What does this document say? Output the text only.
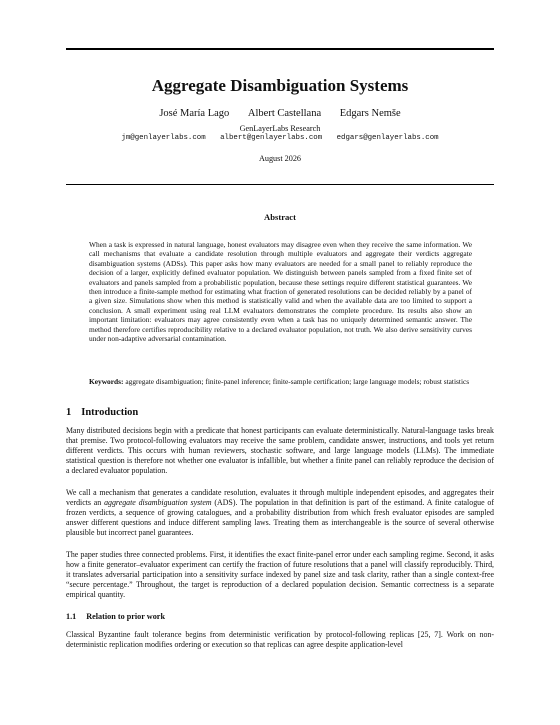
Aggregate Disambiguation Systems
José María Lago Albert Castellana Edgars Nemše
GenLayerLabs Research
jm@genlayerlabs.com albert@genlayerlabs.com edgars@genlayerlabs.com
August 2026
Abstract
When a task is expressed in natural language, honest evaluators may disagree even when they receive the same information. We call mechanisms that evaluate a candidate resolution through multiple evaluators and aggregate their verdicts aggregate disambiguation systems (ADSs). This paper asks how many evaluators are needed for a small panel to reliably reproduce the decision of a larger, explicitly defined evaluator population. We distinguish between panels sampled from a fixed finite set of evaluators and panels sampled from a probabilistic population, because these settings require different statistical guarantees. We then introduce a finite-sample method for estimating what fraction of generated resolutions can be decided reliably by a panel of a given size. Simulations show when this method is statistically valid and when the available data are too limited to support a conclusion. A small experiment using real LLM evaluators demonstrates the complete procedure. Its results also show an important limitation: evaluators may agree consistently even when a task has no uniquely determined semantic answer. The method therefore certifies reproducibility relative to a declared evaluator population, not truth. We also derive sensitivity curves under non-adaptive adversarial contamination.
Keywords: aggregate disambiguation; finite-panel inference; finite-sample certification; large language models; robust statistics
1 Introduction
Many distributed decisions begin with a predicate that honest participants can evaluate deterministically. Natural-language tasks break that premise. Two protocol-following evaluators may receive the same problem, candidate answer, instructions, and tools yet return different verdicts. This occurs with human reviewers, stochastic software, and large language models (LLMs). The immediate statistical question is therefore not whether one evaluator is infallible, but whether a finite panel can reliably reproduce the decision of a declared evaluator population.
We call a mechanism that generates a candidate resolution, evaluates it through multiple independent episodes, and aggregates their verdicts an aggregate disambiguation system (ADS). The population in that definition is part of the estimand. A finite catalogue of frozen verdicts, a sequence of growing catalogues, and a probability distribution from which fresh evaluator episodes are sampled answer different questions and induce different sampling laws. Treating them as interchangeable is the source of several otherwise plausible but incorrect panel guarantees.
The paper studies three connected problems. First, it identifies the exact finite-panel error under each sampling regime. Second, it asks how a finite generator–evaluator experiment can certify the fraction of future resolutions that a panel will classify reproducibly. Third, it translates adversarial participation into a sensitivity surface indexed by panel size and task clarity, rather than a single context-free “secure percentage.” Throughout, the target is reproduction of a declared population decision. Semantic correctness is a separate empirical quantity.
1.1 Relation to prior work
Classical Byzantine fault tolerance begins from deterministic verification by protocol-following replicas [25, 7]. Work on non-deterministic replication modifies ordering or execution so that replicas can agree despite application-level
